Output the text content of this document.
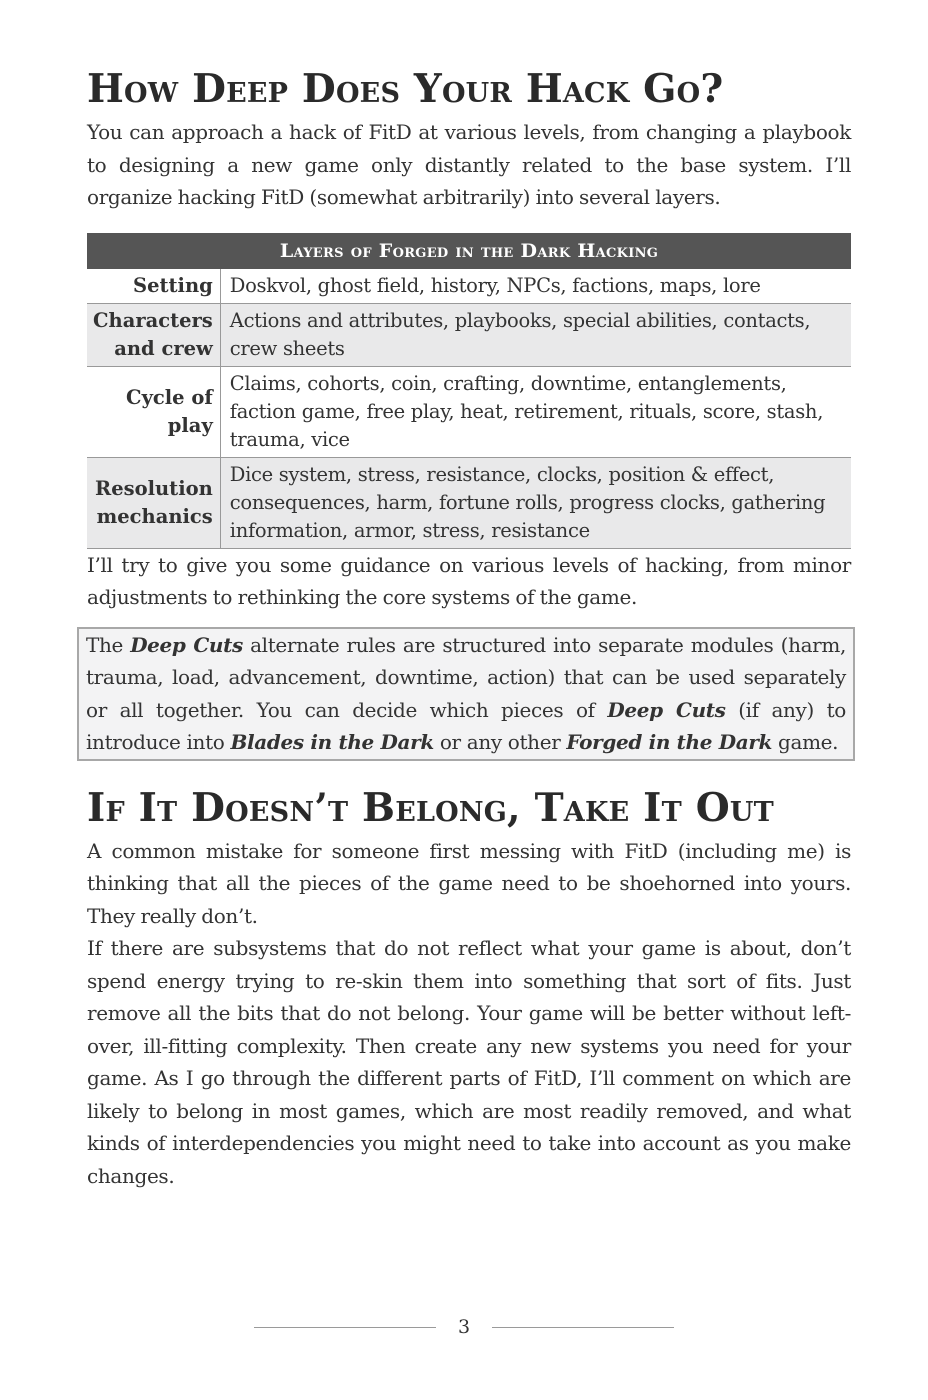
How Deep Does Your Hack Go?

You can approach a hack of FitD at various levels, from changing a playbook to designing a new game only distantly related to the base system. I’ll organize hacking FitD (somewhat arbitrarily) into several layers.

Layers of Forged in the Dark Hacking	
Setting	Doskvol, ghost field, history, NPCs, factions, maps, lore
Characters and crew	Actions and attributes, playbooks, special abilities, contacts, crew sheets
Cycle of play	Claims, cohorts, coin, crafting, downtime, entanglements, faction game, free play, heat, retirement, rituals, score, stash, trauma, vice
Resolution mechanics	Dice system, stress, resistance, clocks, position & effect, consequences, harm, fortune rolls, progress clocks, gathering information, armor, stress, resistance

I’ll try to give you some guidance on various levels of hacking, from minor adjustments to rethinking the core systems of the game.

The Deep Cuts alternate rules are structured into separate modules (harm, trauma, load, advancement, downtime, action) that can be used separately or all together. You can decide which pieces of Deep Cuts (if any) to introduce into Blades in the Dark or any other Forged in the Dark game.

If It Doesn’t Belong, Take It Out

A common mistake for someone first messing with FitD (including me) is thinking that all the pieces of the game need to be shoehorned into yours. They really don’t.

If there are subsystems that do not reflect what your game is about, don’t spend energy trying to re-skin them into something that sort of fits. Just remove all the bits that do not belong. Your game will be better without left-over, ill-fitting complexity. Then create any new systems you need for your game. As I go through the different parts of FitD, I’ll comment on which are likely to belong in most games, which are most readily removed, and what kinds of interdependencies you might need to take into account as you make changes.

3
